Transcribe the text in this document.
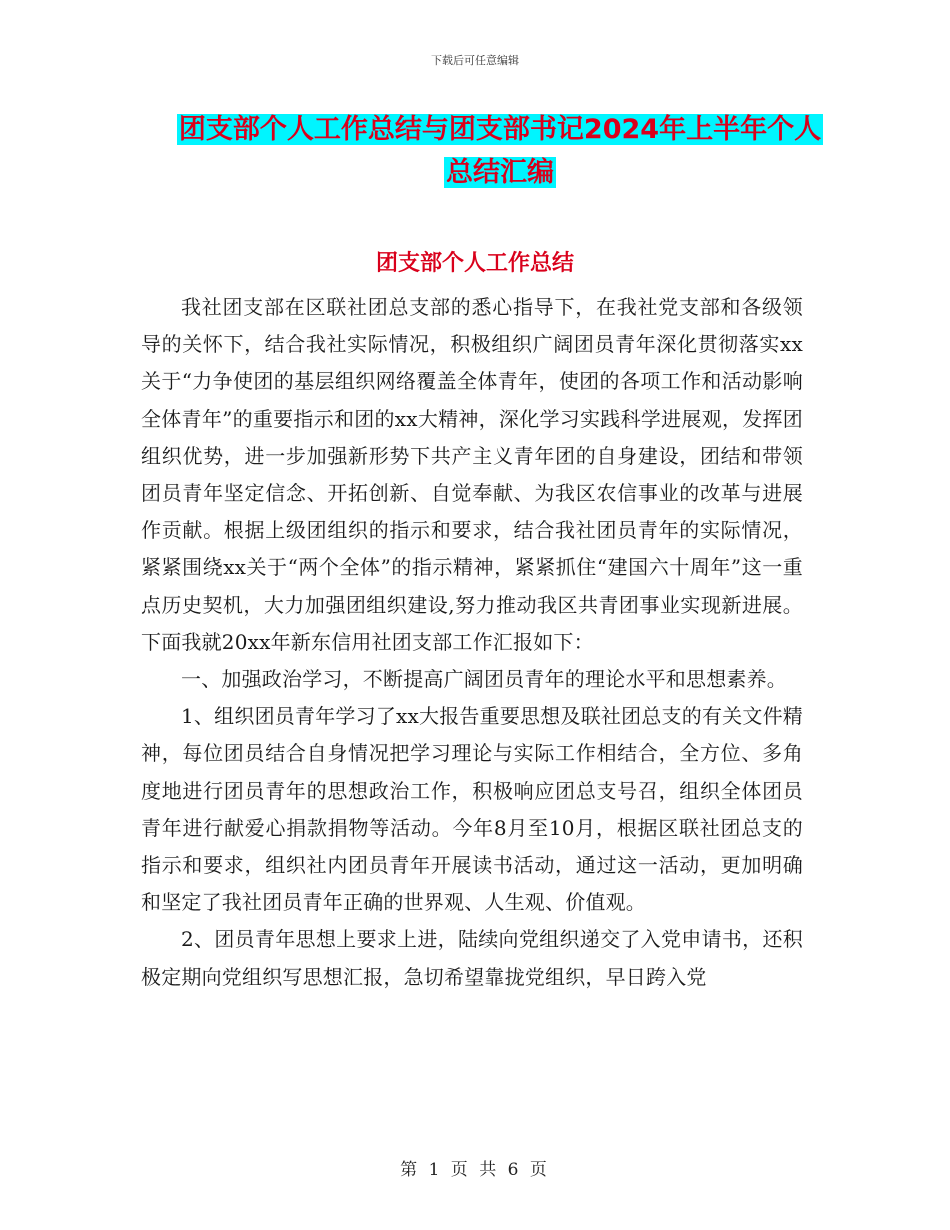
下载后可任意编辑
团支部个人工作总结与团支部书记2024年上半年个人
总结汇编
团支部个人工作总结

我社团支部在区联社团总支部的悉心指导下，在我社党支部和各级领导的关怀下，结合我社实际情况，积极组织广阔团员青年深化贯彻落实xx关于“力争使团的基层组织网络覆盖全体青年，使团的各项工作和活动影响全体青年”的重要指示和团的xx大精神，深化学习实践科学进展观，发挥团组织优势，进一步加强新形势下共产主义青年团的自身建设，团结和带领团员青年坚定信念、开拓创新、自觉奉献、为我区农信事业的改革与进展作贡献。根据上级团组织的指示和要求，结合我社团员青年的实际情况，紧紧围绕xx关于“两个全体”的指示精神，紧紧抓住“建国六十周年”这一重点历史契机，大力加强团组织建设,努力推动我区共青团事业实现新进展。下面我就20xx年新东信用社团支部工作汇报如下：

一、加强政治学习，不断提高广阔团员青年的理论水平和思想素养。

1、组织团员青年学习了xx大报告重要思想及联社团总支的有关文件精神，每位团员结合自身情况把学习理论与实际工作相结合，全方位、多角度地进行团员青年的思想政治工作，积极响应团总支号召，组织全体团员青年进行献爱心捐款捐物等活动。今年8月至10月，根据区联社团总支的指示和要求，组织社内团员青年开展读书活动，通过这一活动，更加明确和坚定了我社团员青年正确的世界观、人生观、价值观。

2、团员青年思想上要求上进，陆续向党组织递交了入党申请书，还积极定期向党组织写思想汇报，急切希望靠拢党组织，早日跨入党

第 1 页 共 6 页
